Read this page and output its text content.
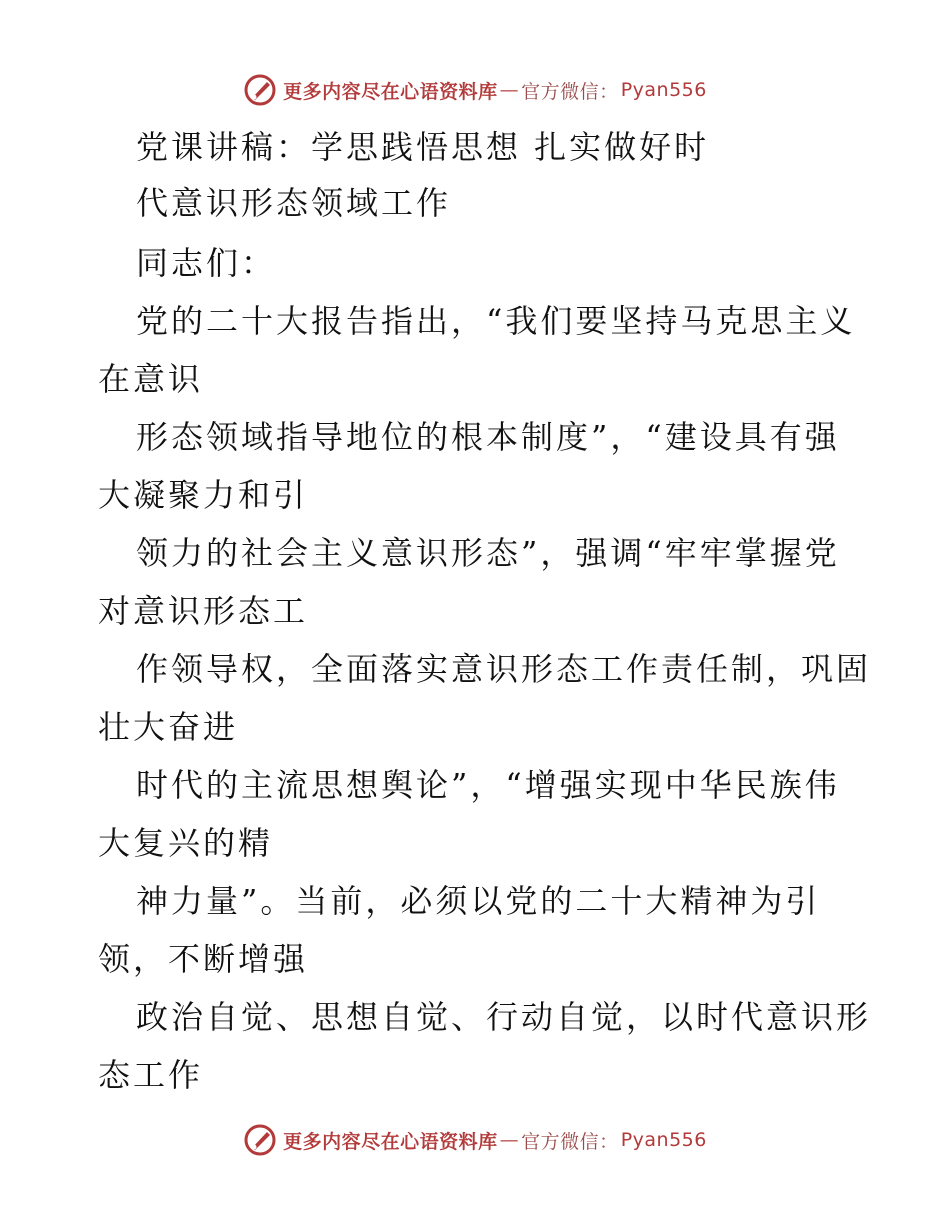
更多内容尽在心语资料库 — 官方微信： Pyan556
党课讲稿：学思践悟思想 扎实做好时
代意识形态领域工作
同志们：
党的二十大报告指出，“我们要坚持马克思主义
在意识
形态领域指导地位的根本制度”，“建设具有强
大凝聚力和引
领力的社会主义意识形态”，强调“牢牢掌握党
对意识形态工
作领导权，全面落实意识形态工作责任制，巩固
壮大奋进
时代的主流思想舆论”，“增强实现中华民族伟
大复兴的精
神力量”。当前，必须以党的二十大精神为引
领，不断增强
政治自觉、思想自觉、行动自觉，以时代意识形
态工作
更多内容尽在心语资料库 — 官方微信： Pyan556
